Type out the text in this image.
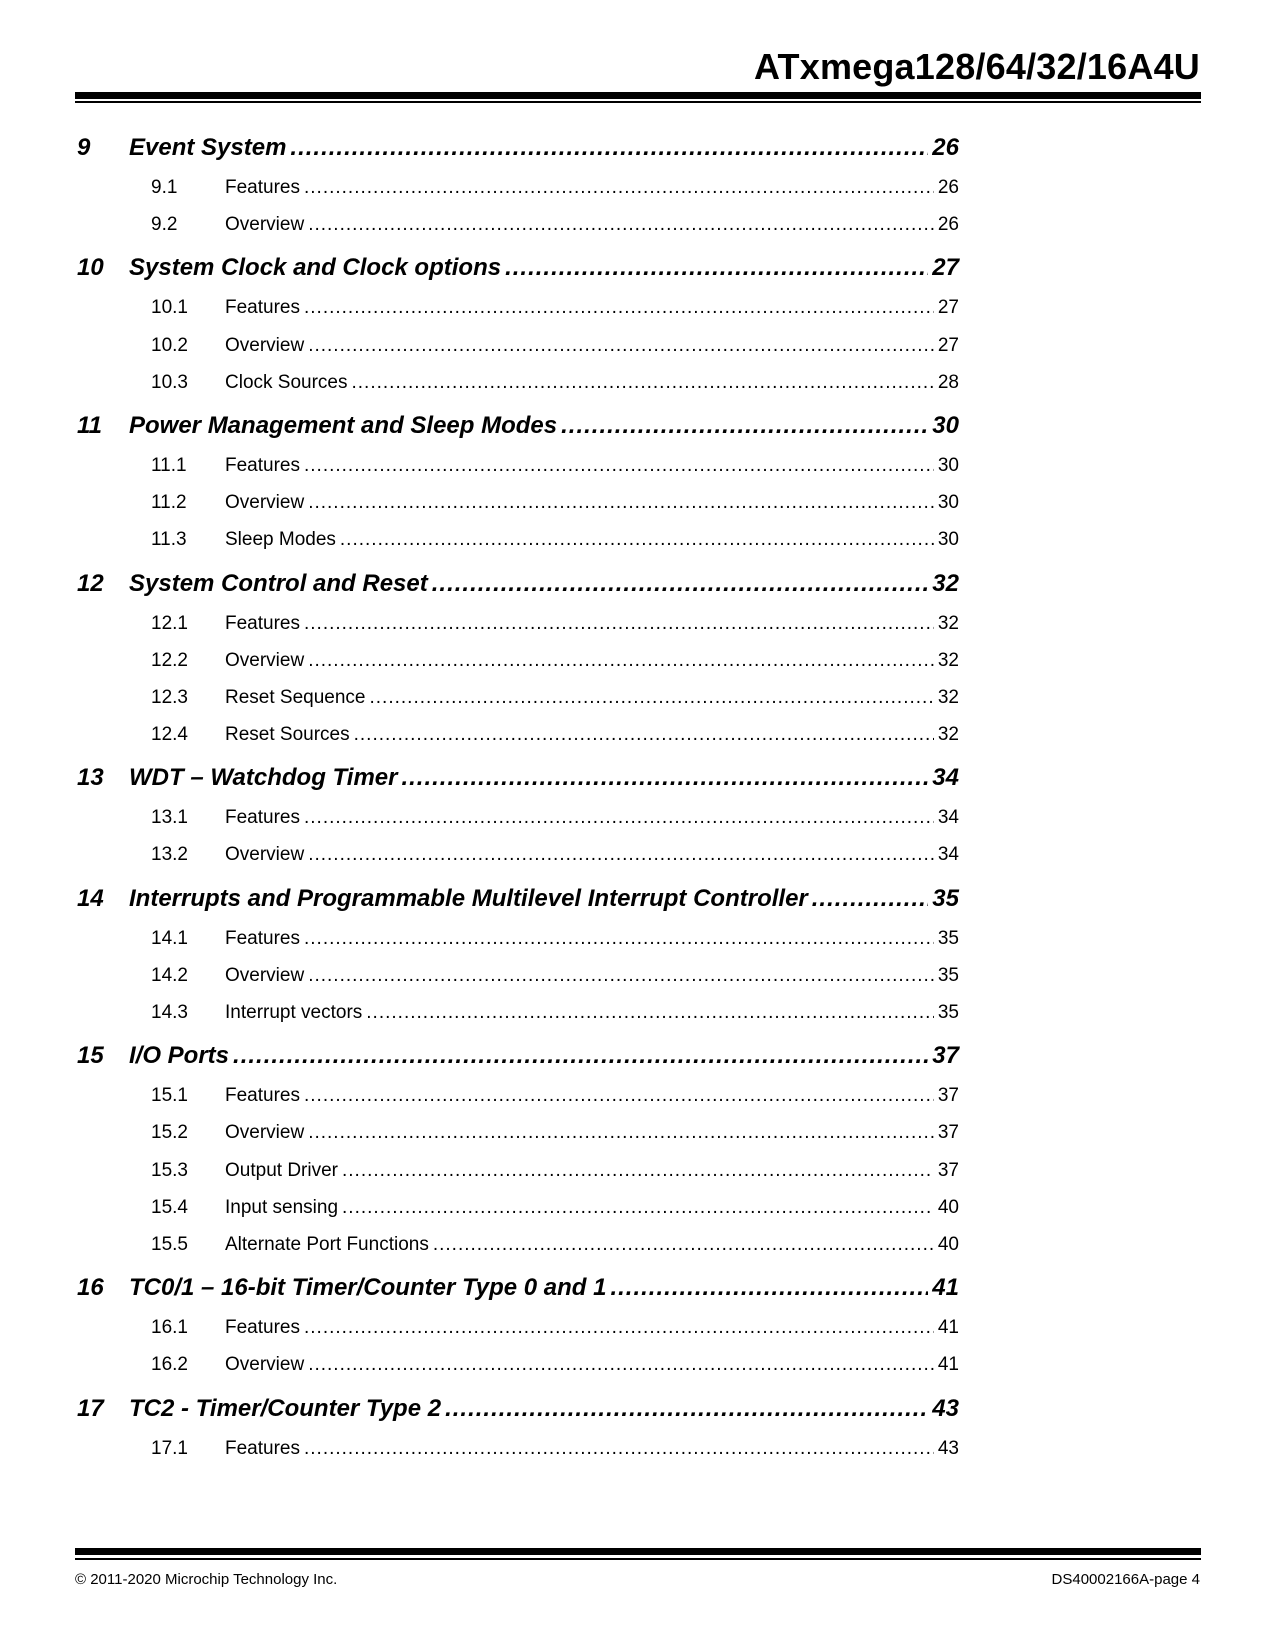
ATxmega128/64/32/16A4U
9 Event System .....	26
9.1	Features .....	26
9.2	Overview .....	26
10 System Clock and Clock options .....	27
10.1 Features .....	27
10.2 Overview .....	27
10.3 Clock Sources .....	28
11 Power Management and Sleep Modes .....	30
11.1 Features .....	30
11.2 Overview .....	30
11.3 Sleep Modes .....	30
12 System Control and Reset .....	32
12.1 Features .....	32
12.2 Overview .....	32
12.3 Reset Sequence .....	32
12.4 Reset Sources .....	32
13 WDT – Watchdog Timer .....	34
13.1 Features .....	34
13.2 Overview .....	34
14 Interrupts and Programmable Multilevel Interrupt Controller .....	35
14.1 Features .....	35
14.2 Overview .....	35
14.3 Interrupt vectors .....	35
15 I/O Ports .....	37
15.1 Features .....	37
15.2 Overview .....	37
15.3 Output Driver .....	37
15.4 Input sensing .....	40
15.5 Alternate Port Functions .....	40
16 TC0/1 – 16-bit Timer/Counter Type 0 and 1 .....	41
16.1 Features .....	41
16.2 Overview .....	41
17 TC2 - Timer/Counter Type 2 .....	43
17.1 Features .....	43
© 2011-2020 Microchip Technology Inc.	DS40002166A-page 4
